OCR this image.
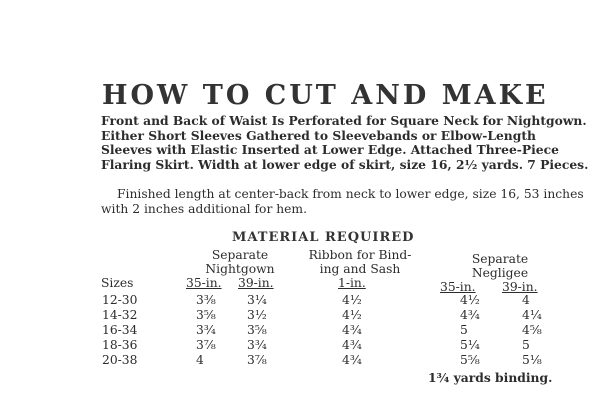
HOW TO CUT AND MAKE
Front and Back of Waist Is Perforated for Square Neck for Nightgown. Either Short Sleeves Gathered to Sleevebands or Elbow-Length Sleeves with Elastic Inserted at Lower Edge. Attached Three-Piece Flaring Skirt. Width at lower edge of skirt, size 16, 2½ yards. 7 Pieces.
Finished length at center-back from neck to lower edge, size 16, 53 inches with 2 inches additional for hem.
MATERIAL REQUIRED
Separate
Nightgown
Ribbon for Bind-
ing and Sash
Separate
Negligee
Sizes	35-in. 39-in.	1-in.	35-in. 39-in.
12-30	3⅜	3¼	4½	4½	4
14-32	3⅝	3½	4½	4¾	4¼
16-34	3¾	3⅝	4¾	5	4⅝
18-36	3⅞	3¾	4¾	5¼	5
20-38	4	3⅞	4¾	5⅝	5⅛
1¾ yards binding.
